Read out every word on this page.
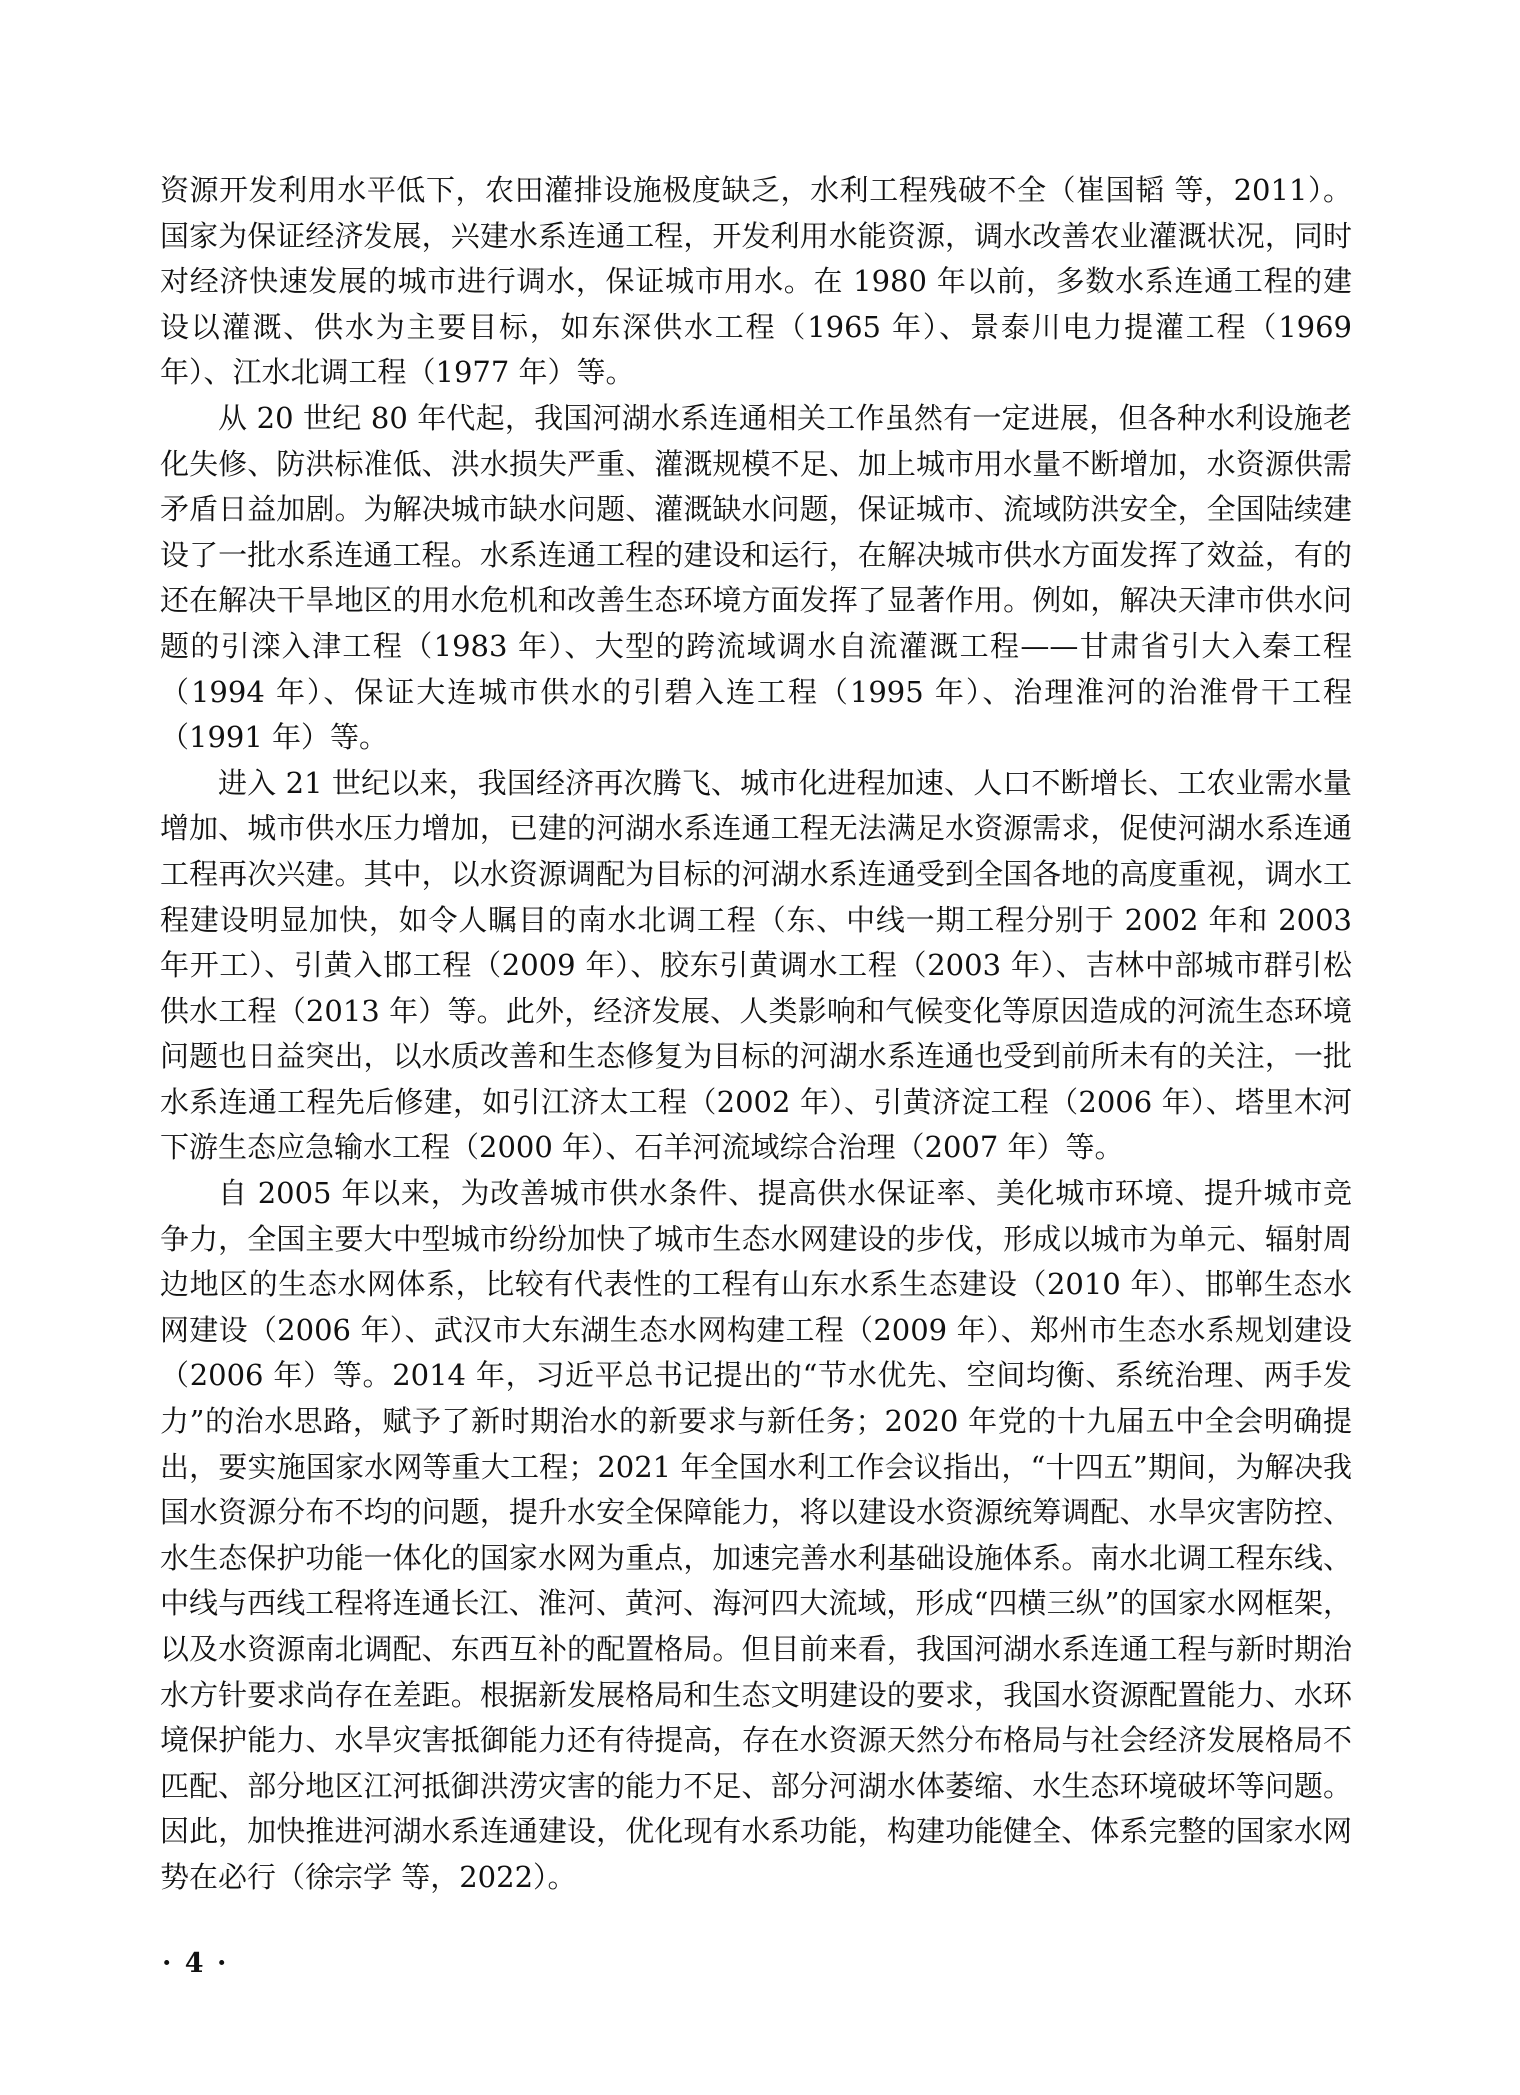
资源开发利用水平低下，农田灌排设施极度缺乏，水利工程残破不全（崔国韬 等，2011）。国家为保证经济发展，兴建水系连通工程，开发利用水能资源，调水改善农业灌溉状况，同时对经济快速发展的城市进行调水，保证城市用水。在 1980 年以前，多数水系连通工程的建设以灌溉、供水为主要目标，如东深供水工程（1965 年）、景泰川电力提灌工程（1969 年）、江水北调工程（1977 年）等。

从 20 世纪 80 年代起，我国河湖水系连通相关工作虽然有一定进展，但各种水利设施老化失修、防洪标准低、洪水损失严重、灌溉规模不足、加上城市用水量不断增加，水资源供需矛盾日益加剧。为解决城市缺水问题、灌溉缺水问题，保证城市、流域防洪安全，全国陆续建设了一批水系连通工程。水系连通工程的建设和运行，在解决城市供水方面发挥了效益，有的还在解决干旱地区的用水危机和改善生态环境方面发挥了显著作用。例如，解决天津市供水问题的引滦入津工程（1983 年）、大型的跨流域调水自流灌溉工程——甘肃省引大入秦工程（1994 年）、保证大连城市供水的引碧入连工程（1995 年）、治理淮河的治淮骨干工程（1991 年）等。

进入 21 世纪以来，我国经济再次腾飞、城市化进程加速、人口不断增长、工农业需水量增加、城市供水压力增加，已建的河湖水系连通工程无法满足水资源需求，促使河湖水系连通工程再次兴建。其中，以水资源调配为目标的河湖水系连通受到全国各地的高度重视，调水工程建设明显加快，如令人瞩目的南水北调工程（东、中线一期工程分别于 2002 年和 2003 年开工）、引黄入邯工程（2009 年）、胶东引黄调水工程（2003 年）、吉林中部城市群引松供水工程（2013 年）等。此外，经济发展、人类影响和气候变化等原因造成的河流生态环境问题也日益突出，以水质改善和生态修复为目标的河湖水系连通也受到前所未有的关注，一批水系连通工程先后修建，如引江济太工程（2002 年）、引黄济淀工程（2006 年）、塔里木河下游生态应急输水工程（2000 年）、石羊河流域综合治理（2007 年）等。

自 2005 年以来，为改善城市供水条件、提高供水保证率、美化城市环境、提升城市竞争力，全国主要大中型城市纷纷加快了城市生态水网建设的步伐，形成以城市为单元、辐射周边地区的生态水网体系，比较有代表性的工程有山东水系生态建设（2010 年）、邯郸生态水网建设（2006 年）、武汉市大东湖生态水网构建工程（2009 年）、郑州市生态水系规划建设（2006 年）等。2014 年，习近平总书记提出的“节水优先、空间均衡、系统治理、两手发力”的治水思路，赋予了新时期治水的新要求与新任务；2020 年党的十九届五中全会明确提出，要实施国家水网等重大工程；2021 年全国水利工作会议指出，“十四五”期间，为解决我国水资源分布不均的问题，提升水安全保障能力，将以建设水资源统筹调配、水旱灾害防控、水生态保护功能一体化的国家水网为重点，加速完善水利基础设施体系。南水北调工程东线、中线与西线工程将连通长江、淮河、黄河、海河四大流域，形成“四横三纵”的国家水网框架，以及水资源南北调配、东西互补的配置格局。但目前来看，我国河湖水系连通工程与新时期治水方针要求尚存在差距。根据新发展格局和生态文明建设的要求，我国水资源配置能力、水环境保护能力、水旱灾害抵御能力还有待提高，存在水资源天然分布格局与社会经济发展格局不匹配、部分地区江河抵御洪涝灾害的能力不足、部分河湖水体萎缩、水生态环境破坏等问题。因此，加快推进河湖水系连通建设，优化现有水系功能，构建功能健全、体系完整的国家水网势在必行（徐宗学 等，2022）。

· 4 ·
